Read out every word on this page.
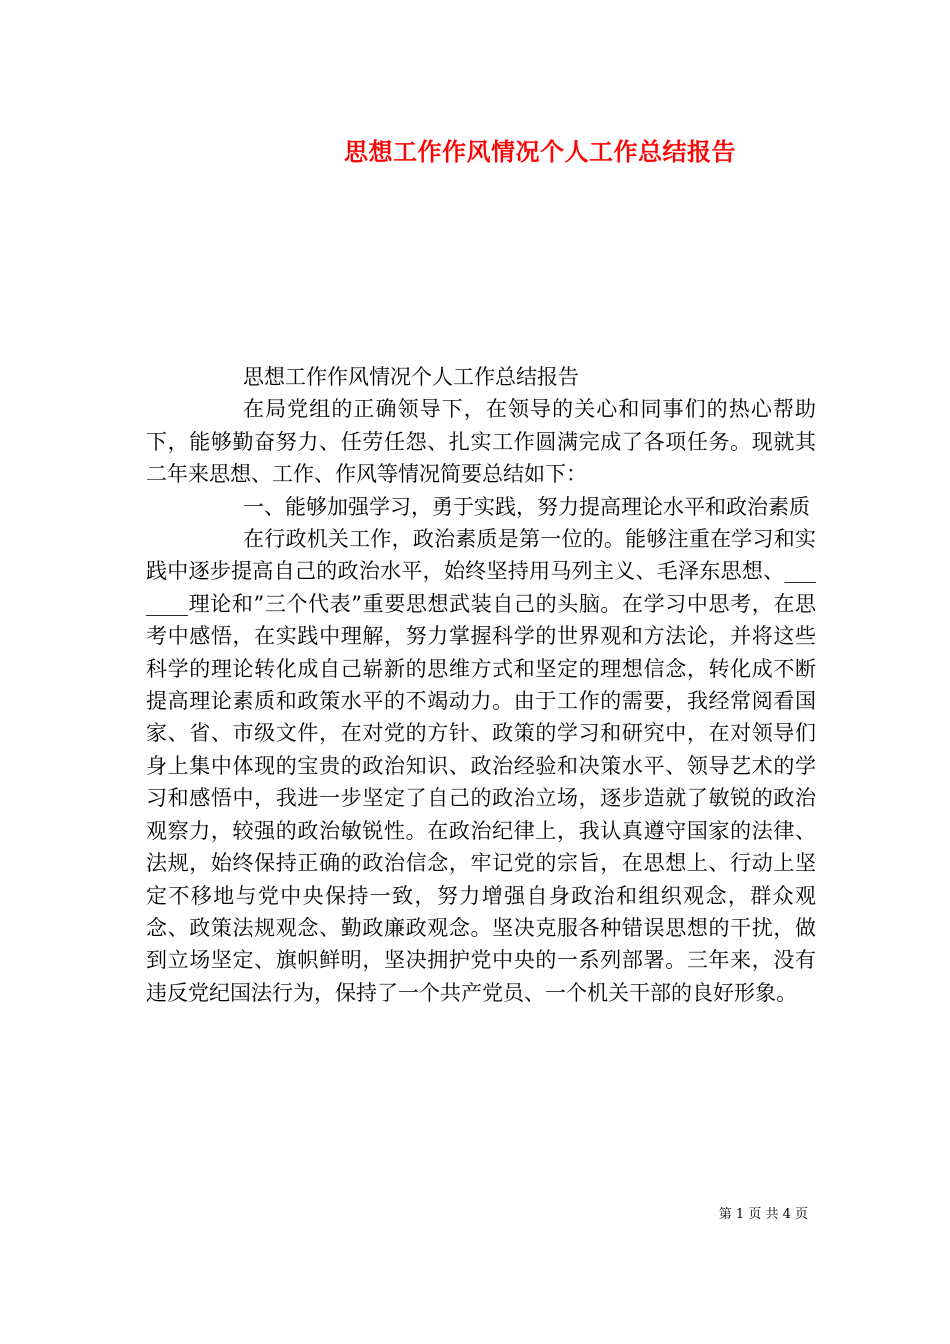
思想工作作风情况个人工作总结报告

思想工作作风情况个人工作总结报告

在局党组的正确领导下，在领导的关心和同事们的热心帮助下，能够勤奋努力、任劳任怨、扎实工作圆满完成了各项任务。现就其二年来思想、工作、作风等情况简要总结如下：

一、能够加强学习，勇于实践，努力提高理论水平和政治素质

在行政机关工作，政治素质是第一位的。能够注重在学习和实践中逐步提高自己的政治水平，始终坚持用马列主义、毛泽东思想、_______理论和”三个代表”重要思想武装自己的头脑。在学习中思考，在思考中感悟，在实践中理解，努力掌握科学的世界观和方法论，并将这些科学的理论转化成自己崭新的思维方式和坚定的理想信念，转化成不断提高理论素质和政策水平的不竭动力。由于工作的需要，我经常阅看国家、省、市级文件，在对党的方针、政策的学习和研究中，在对领导们身上集中体现的宝贵的政治知识、政治经验和决策水平、领导艺术的学习和感悟中，我进一步坚定了自己的政治立场，逐步造就了敏锐的政治观察力，较强的政治敏锐性。在政治纪律上，我认真遵守国家的法律、法规，始终保持正确的政治信念，牢记党的宗旨，在思想上、行动上坚定不移地与党中央保持一致，努力增强自身政治和组织观念，群众观念、政策法规观念、勤政廉政观念。坚决克服各种错误思想的干扰，做到立场坚定、旗帜鲜明，坚决拥护党中央的一系列部署。三年来，没有违反党纪国法行为，保持了一个共产党员、一个机关干部的良好形象。

第 1 页 共 4 页
